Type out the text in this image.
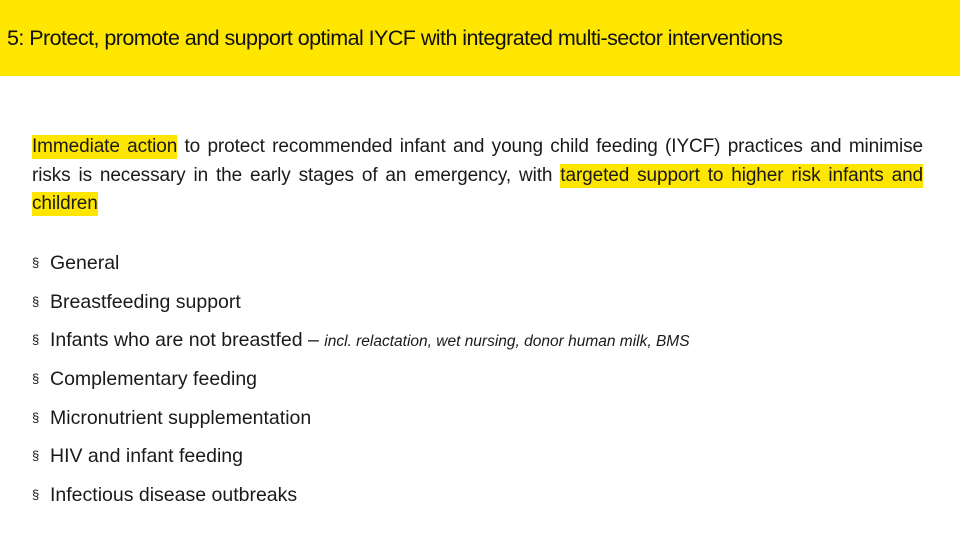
5: Protect, promote and support optimal IYCF with integrated multi-sector interventions

Immediate action to protect recommended infant and young child feeding (IYCF) practices and minimise risks is necessary in the early stages of an emergency, with targeted support to higher risk infants and children

§ General
§ Breastfeeding support
§ Infants who are not breastfed – incl. relactation, wet nursing, donor human milk, BMS
§ Complementary feeding
§ Micronutrient supplementation
§ HIV and infant feeding
§ Infectious disease outbreaks
